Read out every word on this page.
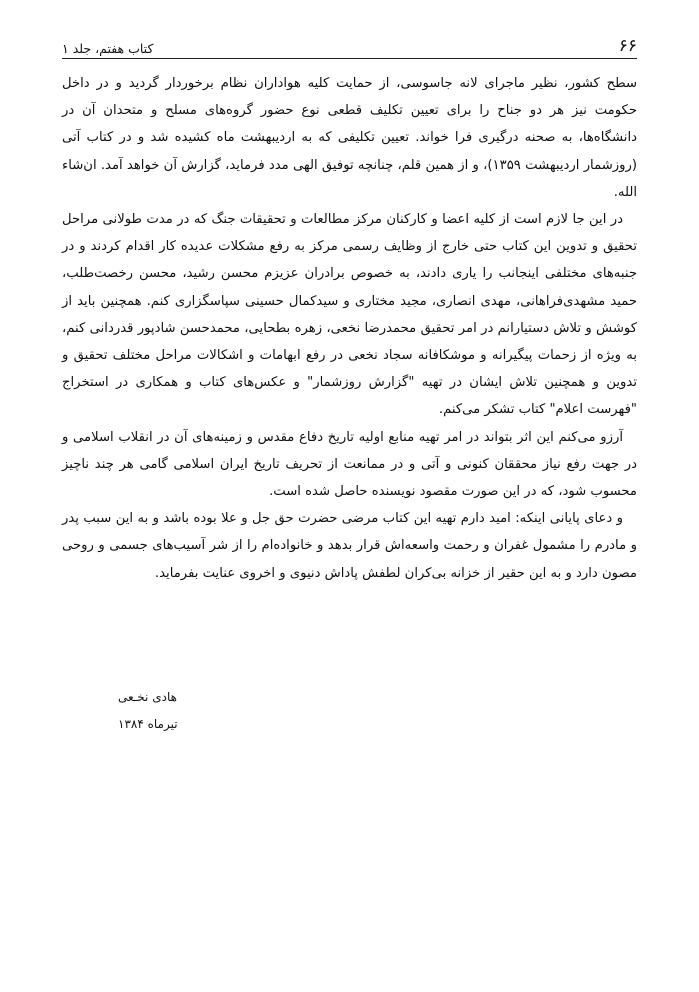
۶۶
کتاب هفتم، جلد ۱

سطح کشور، نظیر ماجرای لانه جاسوسی، از حمایت کلیه هواداران نظام برخوردار گردید و در داخل حکومت نیز هر دو جناح را برای تعیین تکلیف قطعی نوع حضور گروه‌های مسلح و متحدان آن در دانشگاه‌ها، به صحنه درگیری فرا خواند. تعیین تکلیفی که به اردیبهشت ماه کشیده شد و در کتاب آتی (روزشمار اردیبهشت ۱۳۵۹)، و از همین قلم، چنانچه توفیق الهی مدد فرماید، گزارش آن خواهد آمد. ان‌شاء الله.

در این جا لازم است از کلیه اعضا و کارکنان مرکز مطالعات و تحقیقات جنگ که در مدت طولانی مراحل تحقیق و تدوین این کتاب حتی خارج از وظایف رسمی مرکز به رفع مشکلات عدیده کار اقدام کردند و در جنبه‌های مختلفی اینجانب را یاری دادند، به خصوص برادران عزیزم محسن رشید، محسن رخصت‌طلب، حمید مشهدی‌فراهانی، مهدی انصاری، مجید مختاری و سیدکمال حسینی سپاسگزاری کنم. همچنین باید از کوشش و تلاش دستیارانم در امر تحقیق محمدرضا نخعی، زهره بطحایی، محمدحسن شادپور قدردانی کنم، به ویژه از زحمات پیگیرانه و موشکافانه سجاد نخعی در رفع ابهامات و اشکالات مراحل مختلف تحقیق و تدوین و همچنین تلاش ایشان در تهیه "گزارش روزشمار" و عکس‌های کتاب و همکاری در استخراج "فهرست اعلام" کتاب تشکر می‌کنم.

آرزو می‌کنم این اثر بتواند در امر تهیه منابع اولیه تاریخ دفاع مقدس و زمینه‌های آن در انقلاب اسلامی و در جهت رفع نیاز محققان کنونی و آتی و در ممانعت از تحریف تاریخ ایران اسلامی گامی هر چند ناچیز محسوب شود، که در این صورت مقصود نویسنده حاصل شده است.

و دعای پایانی اینکه: امید دارم تهیه این کتاب مرضی حضرت حق جل و علا بوده باشد و به این سبب پدر و مادرم را مشمول غفران و رحمت واسعه‌اش قرار بدهد و خانواده‌ام را از شر آسیب‌های جسمی و روحی مصون دارد و به این حقیر از خزانه بی‌کران لطفش پاداش دنیوی و اخروی عنایت بفرماید.

هادی نخـعی
تیرماه ۱۳۸۴
